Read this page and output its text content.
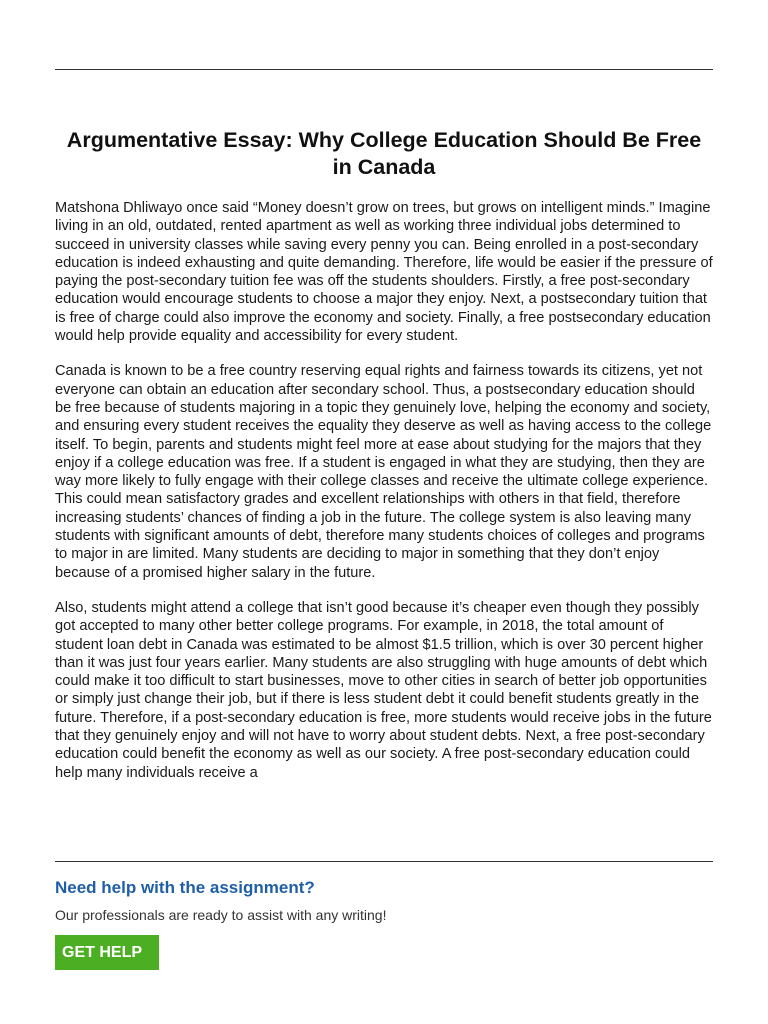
Argumentative Essay: Why College Education Should Be Free in Canada

Matshona Dhliwayo once said “Money doesn’t grow on trees, but grows on intelligent minds.” Imagine living in an old, outdated, rented apartment as well as working three individual jobs determined to succeed in university classes while saving every penny you can. Being enrolled in a post-secondary education is indeed exhausting and quite demanding. Therefore, life would be easier if the pressure of paying the post-secondary tuition fee was off the students shoulders. Firstly, a free post-secondary education would encourage students to choose a major they enjoy. Next, a postsecondary tuition that is free of charge could also improve the economy and society. Finally, a free postsecondary education would help provide equality and accessibility for every student.

Canada is known to be a free country reserving equal rights and fairness towards its citizens, yet not everyone can obtain an education after secondary school. Thus, a postsecondary education should be free because of students majoring in a topic they genuinely love, helping the economy and society, and ensuring every student receives the equality they deserve as well as having access to the college itself. To begin, parents and students might feel more at ease about studying for the majors that they enjoy if a college education was free. If a student is engaged in what they are studying, then they are way more likely to fully engage with their college classes and receive the ultimate college experience. This could mean satisfactory grades and excellent relationships with others in that field, therefore increasing students’ chances of finding a job in the future. The college system is also leaving many students with significant amounts of debt, therefore many students choices of colleges and programs to major in are limited. Many students are deciding to major in something that they don’t enjoy because of a promised higher salary in the future.

Also, students might attend a college that isn’t good because it’s cheaper even though they possibly got accepted to many other better college programs. For example, in 2018, the total amount of student loan debt in Canada was estimated to be almost $1.5 trillion, which is over 30 percent higher than it was just four years earlier. Many students are also struggling with huge amounts of debt which could make it too difficult to start businesses, move to other cities in search of better job opportunities or simply just change their job, but if there is less student debt it could benefit students greatly in the future. Therefore, if a post-secondary education is free, more students would receive jobs in the future that they genuinely enjoy and will not have to worry about student debts. Next, a free post-secondary education could benefit the economy as well as our society. A free post-secondary education could help many individuals receive a

Need help with the assignment?

Our professionals are ready to assist with any writing!

GET HELP
